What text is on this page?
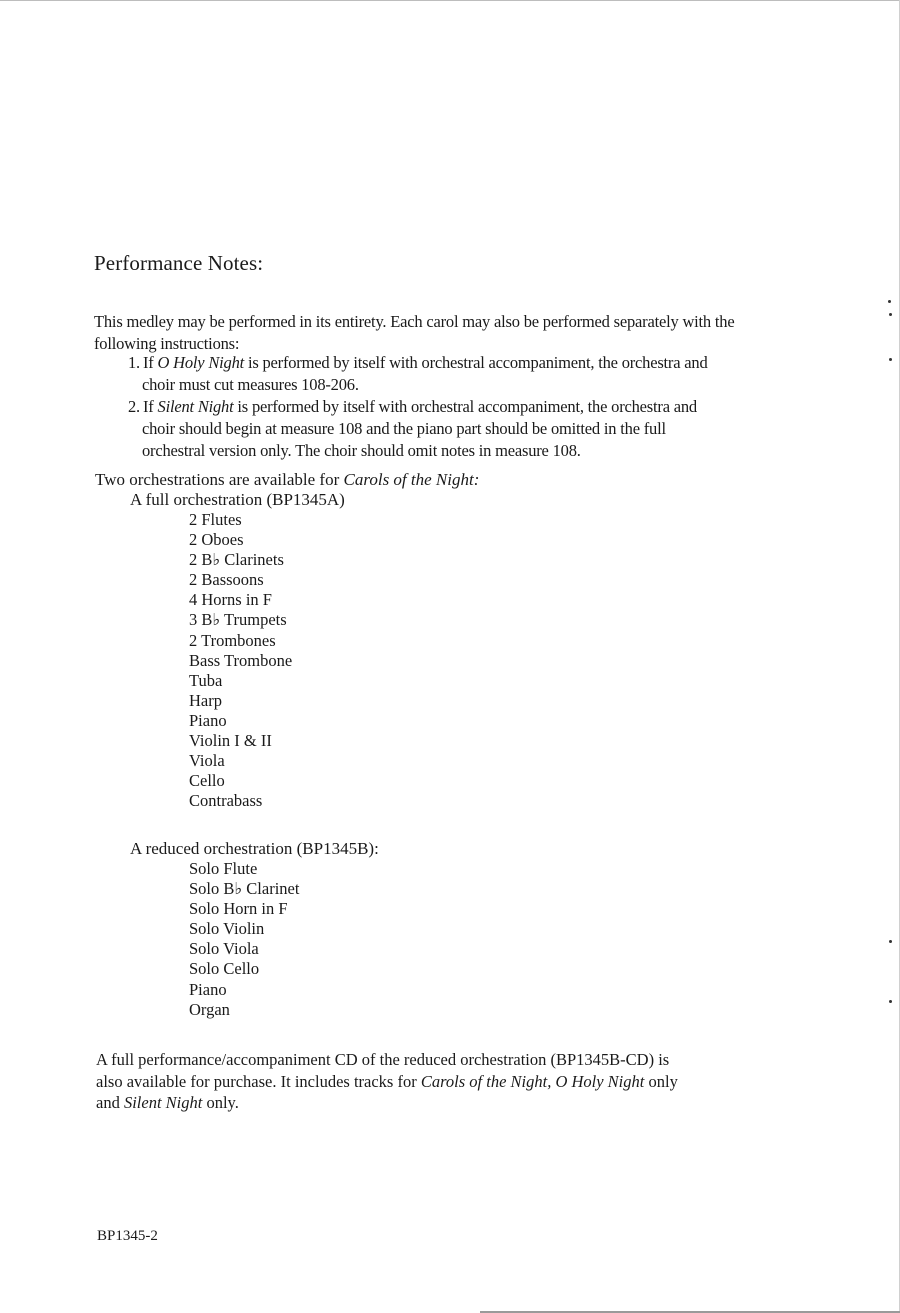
Performance Notes:
This medley may be performed in its entirety. Each carol may also be performed separately with the following instructions:
1. If O Holy Night is performed by itself with orchestral accompaniment, the orchestra and
choir must cut measures 108-206.
2. If Silent Night is performed by itself with orchestral accompaniment, the orchestra and
choir should begin at measure 108 and the piano part should be omitted in the full
orchestral version only. The choir should omit notes in measure 108.
Two orchestrations are available for Carols of the Night:
A full orchestration (BP1345A)
2 Flutes
2 Oboes
2 B♭ Clarinets
2 Bassoons
4 Horns in F
3 B♭ Trumpets
2 Trombones
Bass Trombone
Tuba
Harp
Piano
Violin I & II
Viola
Cello
Contrabass
A reduced orchestration (BP1345B):
Solo Flute
Solo B♭ Clarinet
Solo Horn in F
Solo Violin
Solo Viola
Solo Cello
Piano
Organ
A full performance/accompaniment CD of the reduced orchestration (BP1345B-CD) is
also available for purchase. It includes tracks for Carols of the Night, O Holy Night only
and Silent Night only.
BP1345-2
